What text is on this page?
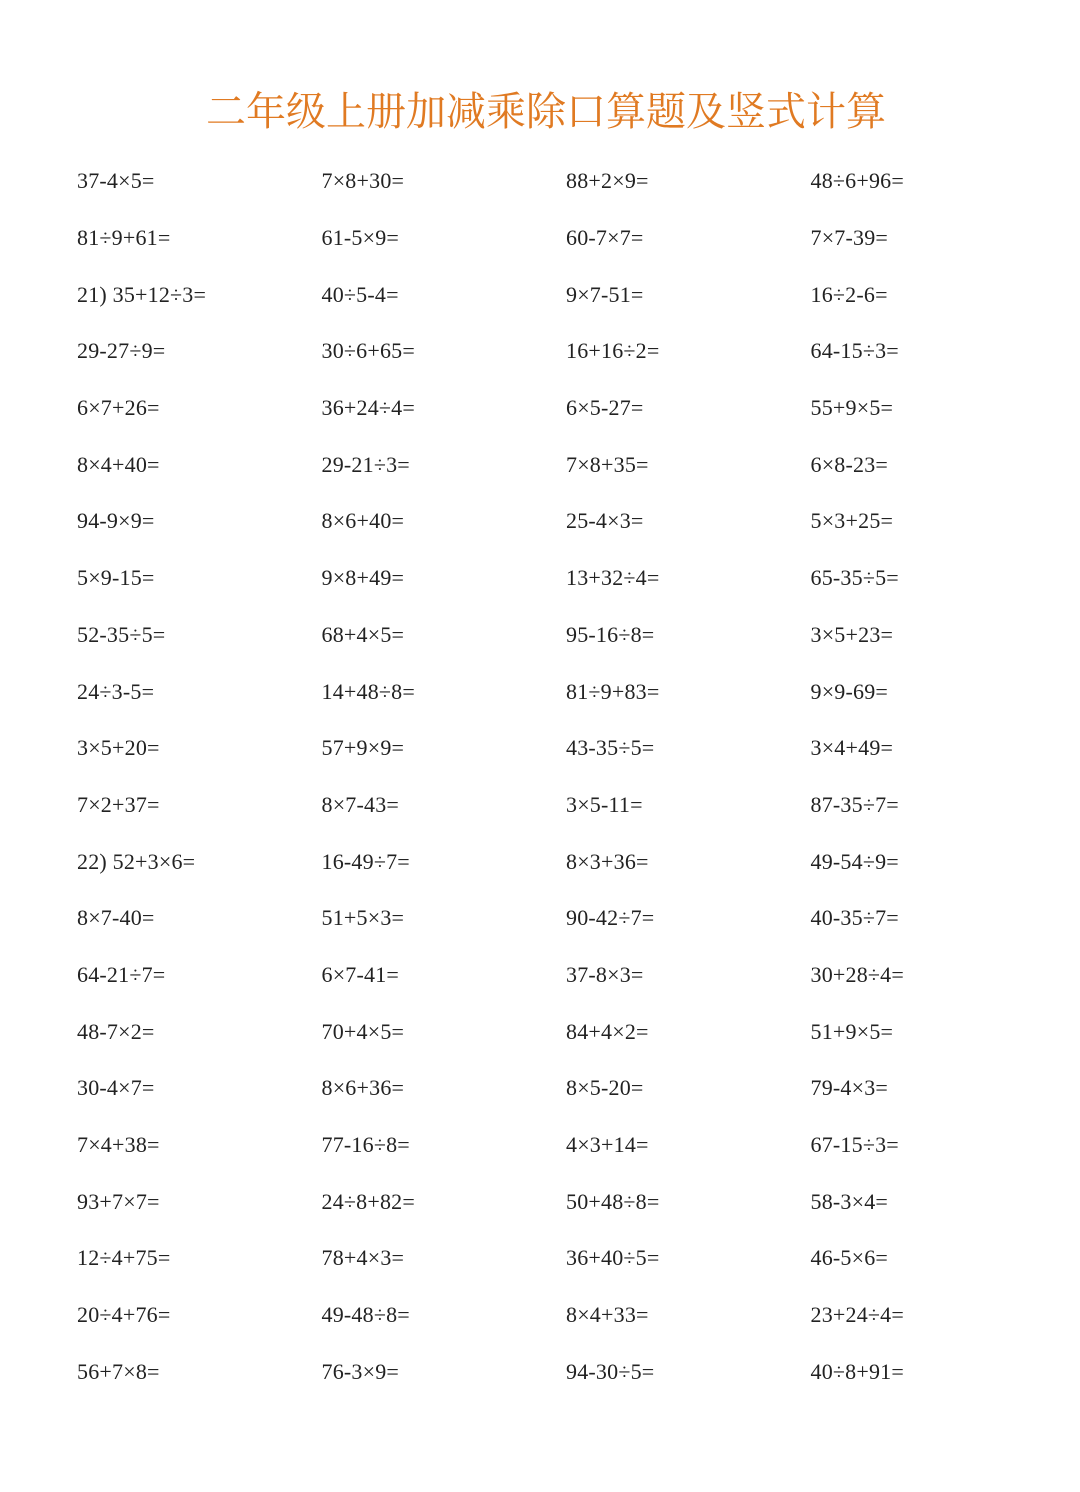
二年级上册加减乘除口算题及竖式计算
37-4×5=	7×8+30=	88+2×9=	48÷6+96=
81÷9+61=	61-5×9=	60-7×7=	7×7-39=
21) 35+12÷3=	40÷5-4=	9×7-51=	16÷2-6=
29-27÷9=	30÷6+65=	16+16÷2=	64-15÷3=
6×7+26=	36+24÷4=	6×5-27=	55+9×5=
8×4+40=	29-21÷3=	7×8+35=	6×8-23=
94-9×9=	8×6+40=	25-4×3=	5×3+25=
5×9-15=	9×8+49=	13+32÷4=	65-35÷5=
52-35÷5=	68+4×5=	95-16÷8=	3×5+23=
24÷3-5=	14+48÷8=	81÷9+83=	9×9-69=
3×5+20=	57+9×9=	43-35÷5=	3×4+49=
7×2+37=	8×7-43=	3×5-11=	87-35÷7=
22) 52+3×6=	16-49÷7=	8×3+36=	49-54÷9=
8×7-40=	51+5×3=	90-42÷7=	40-35÷7=
64-21÷7=	6×7-41=	37-8×3=	30+28÷4=
48-7×2=	70+4×5=	84+4×2=	51+9×5=
30-4×7=	8×6+36=	8×5-20=	79-4×3=
7×4+38=	77-16÷8=	4×3+14=	67-15÷3=
93+7×7=	24÷8+82=	50+48÷8=	58-3×4=
12÷4+75=	78+4×3=	36+40÷5=	46-5×6=
20÷4+76=	49-48÷8=	8×4+33=	23+24÷4=
56+7×8=	76-3×9=	94-30÷5=	40÷8+91=
